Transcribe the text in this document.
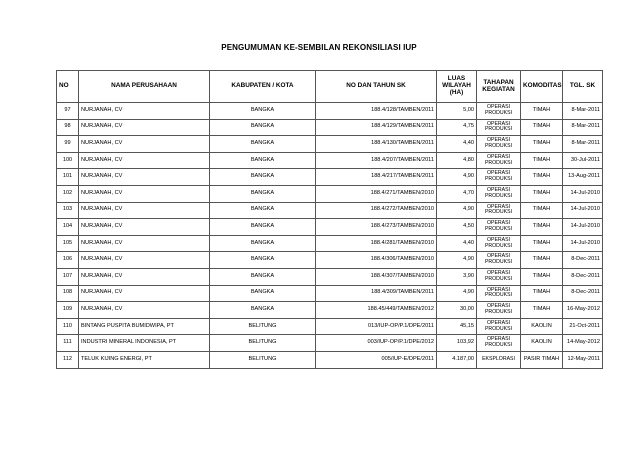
PENGUMUMAN KE-SEMBILAN REKONSILIASI IUP
NO	NAMA PERUSAHAAN	KABUPATEN / KOTA	NO DAN TAHUN SK	LUAS WILAYAH (HA)	TAHAPAN KEGIATAN	KOMODITAS	TGL. SK
97	NURJANAH, CV	BANGKA	188.4/128/TAMBEN/2011	5,00	OPERASI PRODUKSI	TIMAH	8-Mar-2011
98	NURJANAH, CV	BANGKA	188.4/129/TAMBEN/2011	4,75	OPERASI PRODUKSI	TIMAH	8-Mar-2011
99	NURJANAH, CV	BANGKA	188.4/130/TAMBEN/2011	4,40	OPERASI PRODUKSI	TIMAH	8-Mar-2011
100	NURJANAH, CV	BANGKA	188.4/207/TAMBEN/2011	4,80	OPERASI PRODUKSI	TIMAH	30-Jul-2011
101	NURJANAH, CV	BANGKA	188.4/217/TAMBEN/2011	4,90	OPERASI PRODUKSI	TIMAH	13-Aug-2011
102	NURJANAH, CV	BANGKA	188.4/271/TAMBEN/2010	4,70	OPERASI PRODUKSI	TIMAH	14-Jul-2010
103	NURJANAH, CV	BANGKA	188.4/272/TAMBEN/2010	4,90	OPERASI PRODUKSI	TIMAH	14-Jul-2010
104	NURJANAH, CV	BANGKA	188.4/273/TAMBEN/2010	4,50	OPERASI PRODUKSI	TIMAH	14-Jul-2010
105	NURJANAH, CV	BANGKA	188.4/281/TAMBEN/2010	4,40	OPERASI PRODUKSI	TIMAH	14-Jul-2010
106	NURJANAH, CV	BANGKA	188.4/306/TAMBEN/2010	4,90	OPERASI PRODUKSI	TIMAH	8-Dec-2011
107	NURJANAH, CV	BANGKA	188.4/307/TAMBEN/2010	3,90	OPERASI PRODUKSI	TIMAH	8-Dec-2011
108	NURJANAH, CV	BANGKA	188.4/309/TAMBEN/2011	4,90	OPERASI PRODUKSI	TIMAH	8-Dec-2011
109	NURJANAH, CV	BANGKA	188.45/449/TAMBEN/2012	30,00	OPERASI PRODUKSI	TIMAH	16-May-2012
110	BINTANG PUSPITA BUMIDWIPA, PT	BELITUNG	013/IUP-OP/P.1/DPE/2011	45,15	OPERASI PRODUKSI	KAOLIN	21-Oct-2011
111	INDUSTRI MINERAL INDONESIA, PT	BELITUNG	003/IUP-OP/P.1/DPE/2012	103,92	OPERASI PRODUKSI	KAOLIN	14-May-2012
112	TELUK KIJING ENERGI, PT	BELITUNG	005/IUP-E/DPE/2011	4.187,00	EKSPLORASI	PASIR TIMAH	12-May-2011
